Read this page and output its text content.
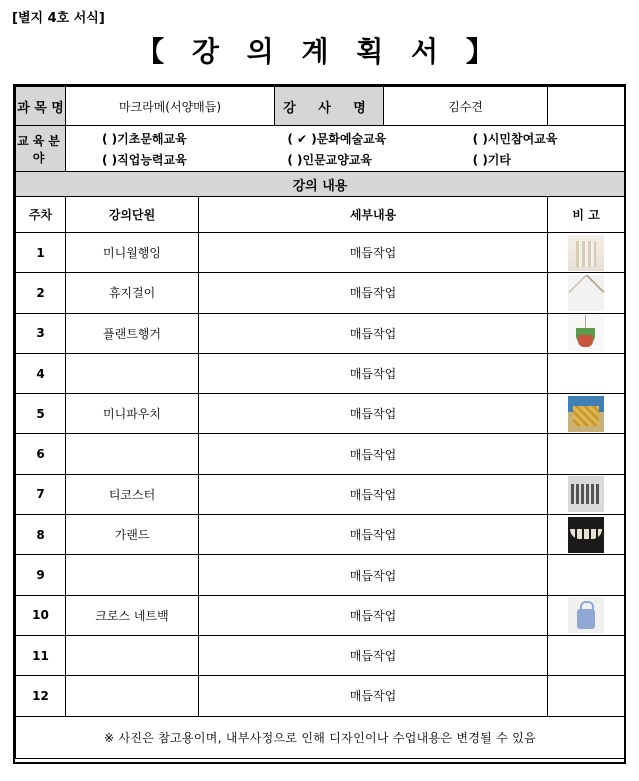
[별지 4호 서식]
【 강 의 계 획 서 】
과 목 명		마크라메(서양매듭)	강 사 명	김수견

교육분야	
( )기초문해교육	( ✔ )문화예술교육	( )시민참여교육
( )직업능력교육	( )인문교양교육	( )기타

강의 내용
주차	강의단원	세부내용	비 고
1	미니월행잉	매듭작업	

2	휴지걸이	매듭작업	

3	플랜트행거	매듭작업	

4		매듭작업	
5	미니파우치	매듭작업	

6		매듭작업	
7	티코스터	매듭작업	

8	가랜드	매듭작업	

9		매듭작업	
10	크로스 네트백	매듭작업	

11		매듭작업	
12		매듭작업	
※ 사진은 참고용이며, 내부사정으로 인해 디자인이나 수업내용은 변경될 수 있음
